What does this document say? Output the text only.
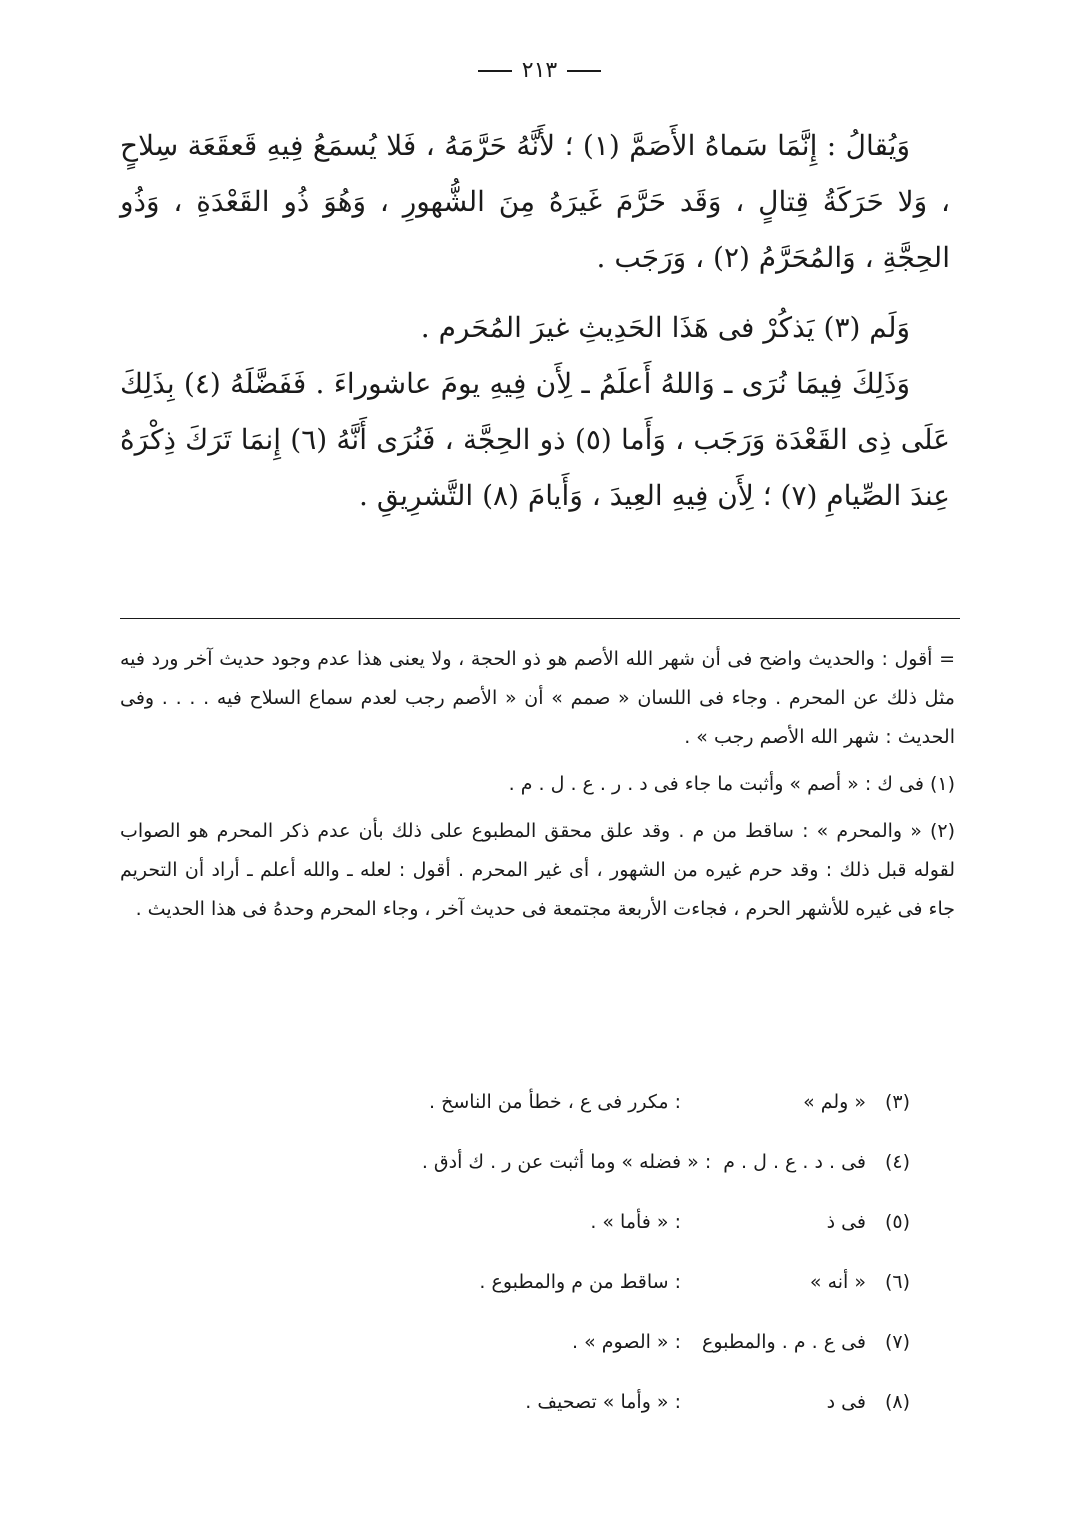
٢١٣

وَيُقالُ : إِنَّمَا سَماهُ الأَصَمَّ (١) ؛ لأَنَّهُ حَرَّمَهُ ، فَلا يُسمَعُ فِيهِ قَعقَعَة سِلاحٍ ، وَلا حَرَكَةُ قِتالٍ ، وَقَد حَرَّمَ غَيرَهُ مِنَ الشُّهورِ ، وَهُوَ ذُو القَعْدَةِ ، وَذُو الحِجَّةِ ، وَالمُحَرَّمُ (٢) ، وَرَجَب .

وَلَم (٣) يَذكُرْ فى هَذَا الحَدِيثِ غيرَ المُحَرم .

وَذَلِكَ فِيمَا نُرَى ـ وَاللهُ أَعلَمُ ـ لِأَن فِيهِ يومَ عاشوراءَ . فَفَضَّلَهُ (٤) بِذَلِكَ عَلَى ذِى القَعْدَة وَرَجَب ، وَأَما (٥) ذو الحِجَّة ، فَنُرَى أَنَّهُ (٦) إِنمَا تَرَكَ ذِكْرَهُ عِندَ الصِّيامِ (٧) ؛ لِأَن فِيهِ العِيدَ ، وَأَيامَ (٨) التَّشرِيقِ .

= أقول : والحديث واضح فى أن شهر الله الأصم هو ذو الحجة ، ولا يعنى هذا عدم وجود حديث آخر ورد فيه مثل ذلك عن المحرم . وجاء فى اللسان « صمم » أن « الأصم رجب لعدم سماع السلاح فيه . . . . وفى الحديث : شهر الله الأصم رجب » .

(١) فى ك : « أصم » وأثبت ما جاء فى د . ر . ع . ل . م .

(٢) « والمحرم » : ساقط من م . وقد علق محقق المطبوع على ذلك بأن عدم ذكر المحرم هو الصواب لقوله قبل ذلك : وقد حرم غيره من الشهور ، أى غير المحرم . أقول : لعله ـ والله أعلم ـ أراد أن التحريم جاء فى غيره للأشهر الحرم ، فجاءت الأربعة مجتمعة فى حديث آخر ، وجاء المحرم وحدهُ فى هذا الحديث .

(٣)
« ولم »
: مكرر فى ع ، خطأ من الناسخ .
(٤)
فى . د . ع . ل . م
: « فضله » وما أثبت عن ر . ك أدق .
(٥)
فى ذ
: « فأما » .
(٦)
« أنه »
: ساقط من م والمطبوع .
(٧)
فى ع . م . والمطبوع
: « الصوم » .
(٨)
فى د
: « وأما » تصحيف .
